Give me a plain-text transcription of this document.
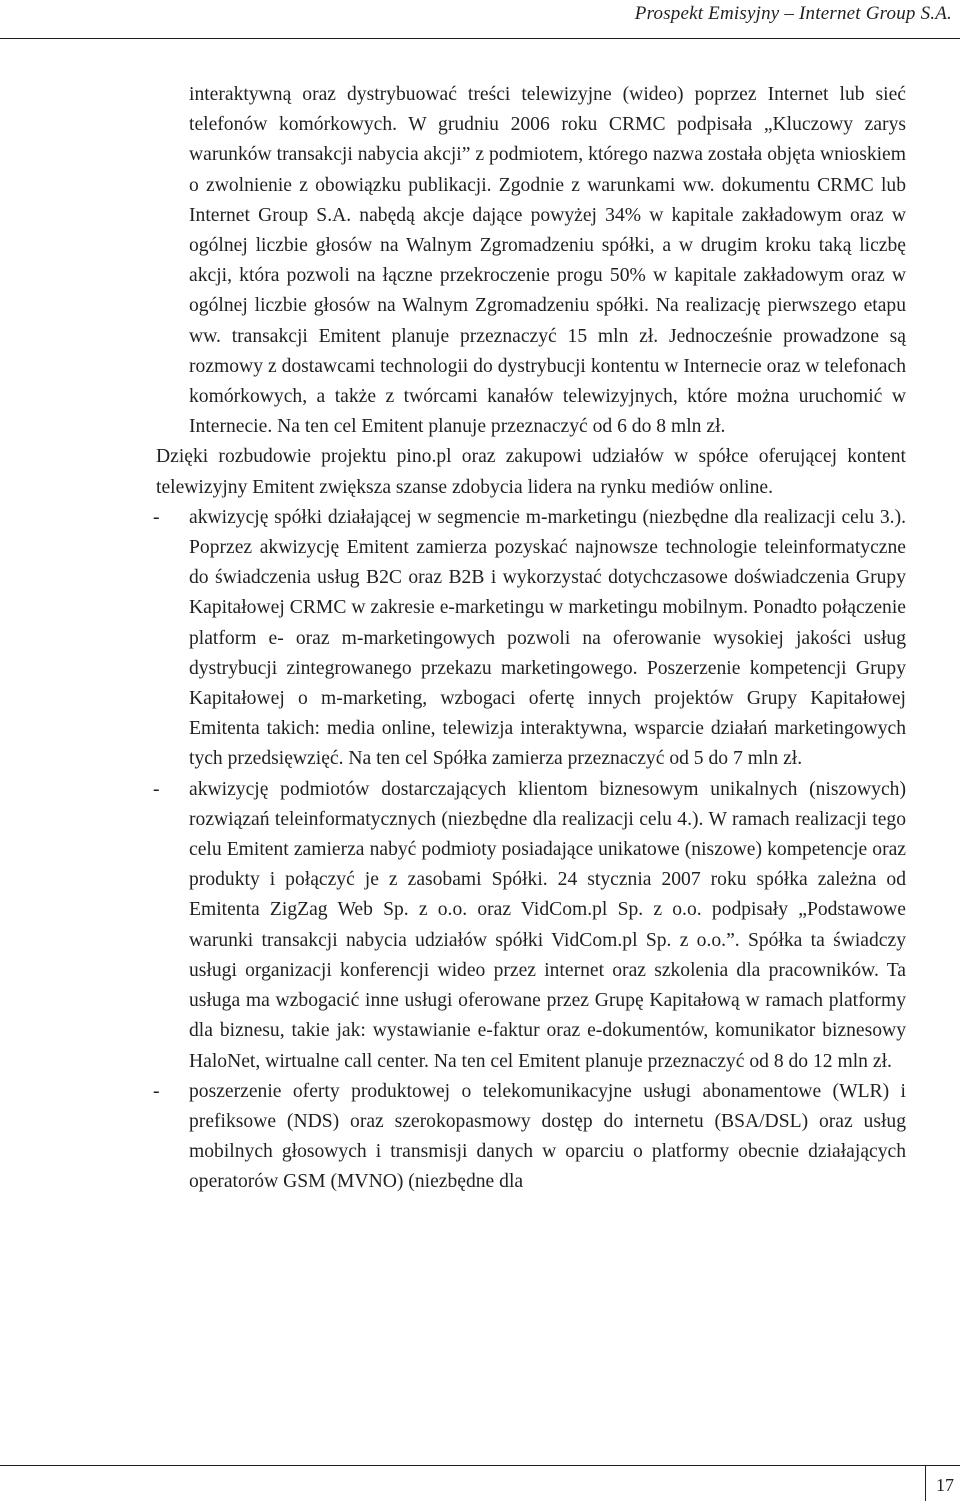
Prospekt Emisyjny – Internet Group S.A.

interaktywną oraz dystrybuować treści telewizyjne (wideo) poprzez Internet lub sieć telefonów komórkowych. W grudniu 2006 roku CRMC podpisała „Kluczowy zarys warunków transakcji nabycia akcji” z podmiotem, którego nazwa została objęta wnioskiem o zwolnienie z obowiązku publikacji. Zgodnie z warunkami ww. dokumentu CRMC lub Internet Group S.A. nabędą akcje dające powyżej 34% w kapitale zakładowym oraz w ogólnej liczbie głosów na Walnym Zgromadzeniu spółki, a w drugim kroku taką liczbę akcji, która pozwoli na łączne przekroczenie progu 50% w kapitale zakładowym oraz w ogólnej liczbie głosów na Walnym Zgromadzeniu spółki. Na realizację pierwszego etapu ww. transakcji Emitent planuje przeznaczyć 15 mln zł. Jednocześnie prowadzone są rozmowy z dostawcami technologii do dystrybucji kontentu w Internecie oraz w telefonach komórkowych, a także z twórcami kanałów telewizyjnych, które można uruchomić w Internecie. Na ten cel Emitent planuje przeznaczyć od 6 do 8 mln zł.

Dzięki rozbudowie projektu pino.pl oraz zakupowi udziałów w spółce oferującej kontent telewizyjny Emitent zwiększa szanse zdobycia lidera na rynku mediów online.

- akwizycję spółki działającej w segmencie m-marketingu (niezbędne dla realizacji celu 3.). Poprzez akwizycję Emitent zamierza pozyskać najnowsze technologie teleinformatyczne do świadczenia usług B2C oraz B2B i wykorzystać dotychczasowe doświadczenia Grupy Kapitałowej CRMC w zakresie e-marketingu w marketingu mobilnym. Ponadto połączenie platform e- oraz m-marketingowych pozwoli na oferowanie wysokiej jakości usług dystrybucji zintegrowanego przekazu marketingowego. Poszerzenie kompetencji Grupy Kapitałowej o m-marketing, wzbogaci ofertę innych projektów Grupy Kapitałowej Emitenta takich: media online, telewizja interaktywna, wsparcie działań marketingowych tych przedsięwzięć. Na ten cel Spółka zamierza przeznaczyć od 5 do 7 mln zł.
- akwizycję podmiotów dostarczających klientom biznesowym unikalnych (niszowych) rozwiązań teleinformatycznych (niezbędne dla realizacji celu 4.). W ramach realizacji tego celu Emitent zamierza nabyć podmioty posiadające unikatowe (niszowe) kompetencje oraz produkty i połączyć je z zasobami Spółki. 24 stycznia 2007 roku spółka zależna od Emitenta ZigZag Web Sp. z o.o. oraz VidCom.pl Sp. z o.o. podpisały „Podstawowe warunki transakcji nabycia udziałów spółki VidCom.pl Sp. z o.o.”. Spółka ta świadczy usługi organizacji konferencji wideo przez internet oraz szkolenia dla pracowników. Ta usługa ma wzbogacić inne usługi oferowane przez Grupę Kapitałową w ramach platformy dla biznesu, takie jak: wystawianie e-faktur oraz e-dokumentów, komunikator biznesowy HaloNet, wirtualne call center. Na ten cel Emitent planuje przeznaczyć od 8 do 12 mln zł.
- poszerzenie oferty produktowej o telekomunikacyjne usługi abonamentowe (WLR) i prefiksowe (NDS) oraz szerokopasmowy dostęp do internetu (BSA/DSL) oraz usług mobilnych głosowych i transmisji danych w oparciu o platformy obecnie działających operatorów GSM (MVNO) (niezbędne dla
17
